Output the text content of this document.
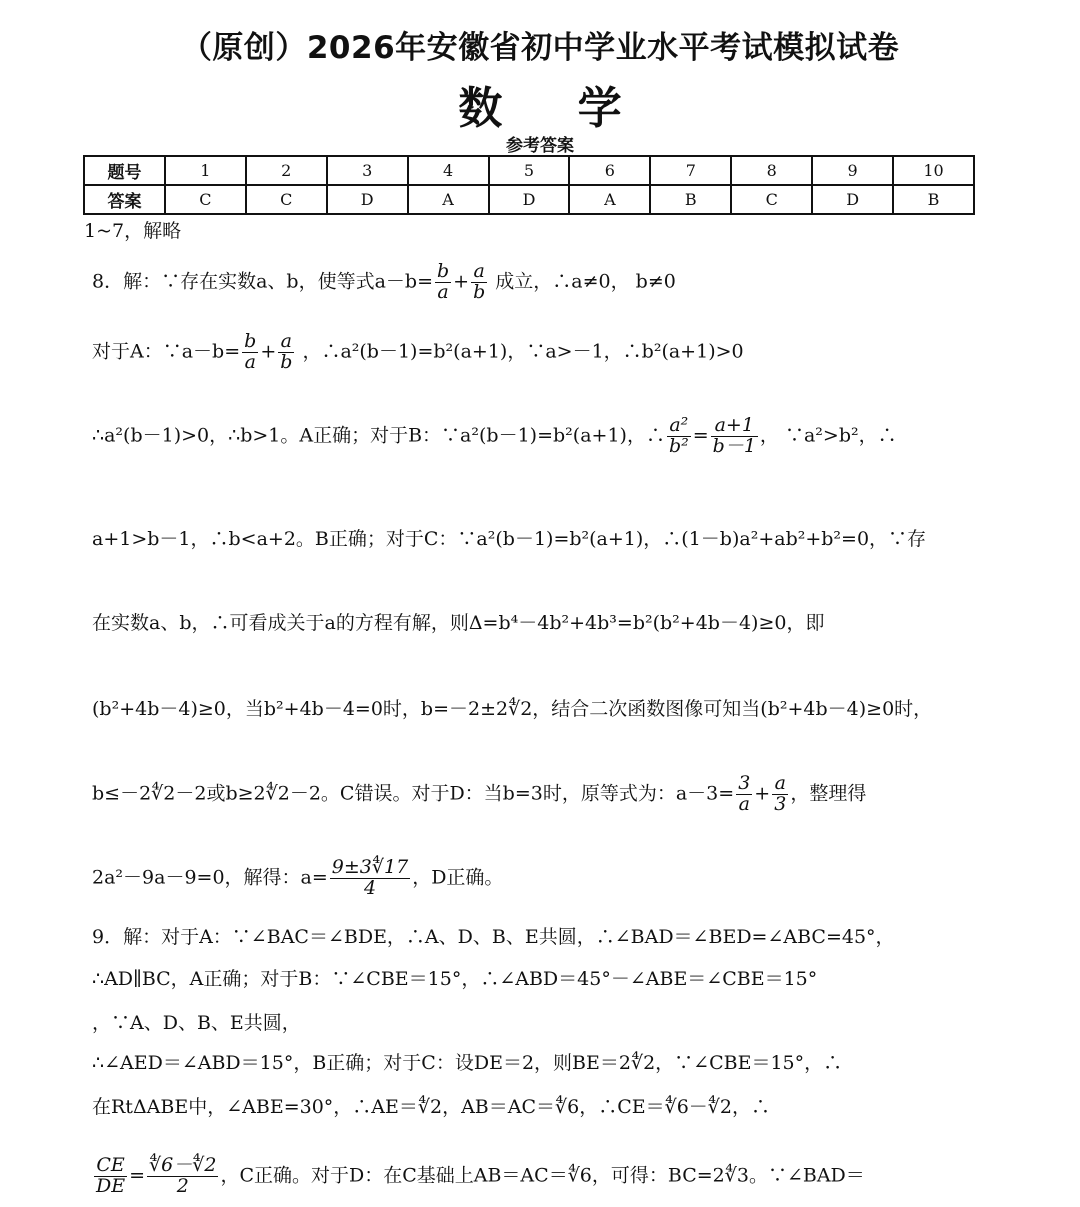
（原创）2026年安徽省初中学业水平考试模拟试卷
数 学
参考答案
题号	1	2	3	4	5	6	7	8	9	10
答案	C	C	D	A	D	A	B	C	D	B
1~7，解略
8．解：∵存在实数a、b，使等式$a-b= \frac{b}{a} + \frac{a}{b}$ 成立，∴a≠0， b≠0
对于A：∵a－b= $\frac{b}{a} + \frac{a}{b}$ ，∴a²(b－1)=b²(a+1)，∵a>－1，∴b²(a+1)>0
∴a²(b－1)>0，∴b>1。A正确；对于B：∵a²(b－1)=b²(a+1)，∴ $\frac{\text{a²}}{\text{b²}} = \frac{a+1}{b-1}$ ， ∵a²>b²，∴
a+1>b－1，∴b<a+2。B正确；对于C：∵a²(b－1)=b²(a+1)，∴(1－b)a²+ab²+b²=0，∵存
在实数a、b，∴可看成关于a的方程有解，则Δ=b⁴－4b²+4b³=b²(b²+4b－4)≥0，即
(b²+4b－4)≥0，当b²+4b－4=0时，b=－2±2∜2，结合二次函数图像可知当(b²+4b－4)≥0时，
b≤－2∜2－2或b≥2∜2－2。C错误。对于D：当b=3时，原等式为：$a-3= \frac{3}{a} + \frac{a}{3}$ ，整理得
2a²－9a－9=0，解得：$a= \frac{9\pm 3∜17}{4}$ ，D正确。
9．解：对于A：∵∠BAC＝∠BDE，∴A、D、B、E共圆，∴∠BAD＝∠BED=∠ABC=45°，
∴AD∥BC，A正确；对于B：∵∠CBE＝15°，∴∠ABD＝45°－∠ABE＝∠CBE＝15°
，∵A、D、B、E共圆，
∴∠AED＝∠ABD＝15°，B正确；对于C：设DE＝2，则BE＝2∜2，∵∠CBE＝15°，∴
在RtΔABE中，∠ABE=30°，∴AE＝∜2，AB＝AC＝∜6，∴CE＝∜6－∜2，∴
$\frac{CE}{DE} = \frac{∜6-∜2}{2}$ ，C正确。对于D：在C基础上AB＝AC＝∜6，可得：BC=2∜3。∵∠BAD＝
